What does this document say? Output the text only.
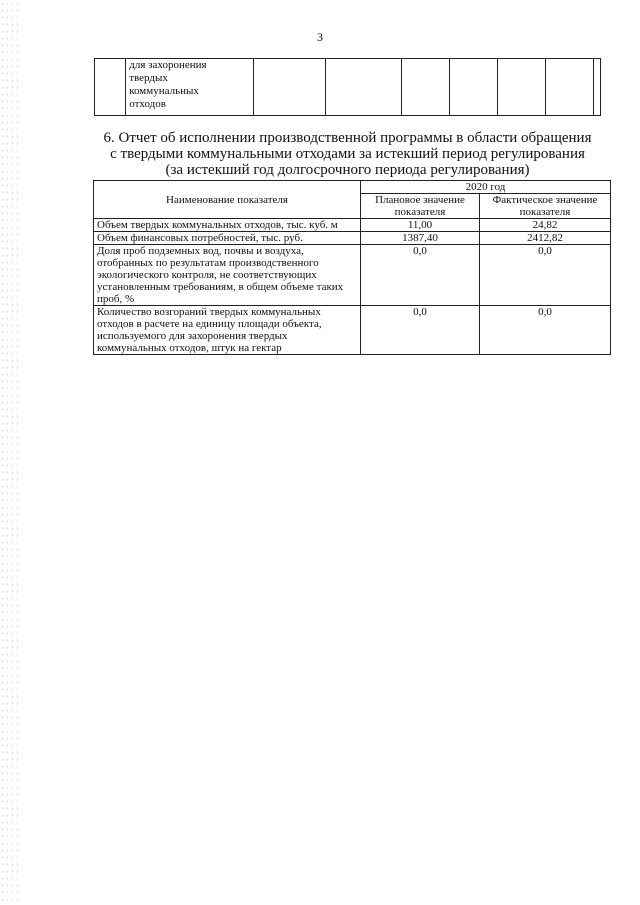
3

для захоронения
твердых
коммунальных
отходов

6. Отчет об исполнении производственной программы в области обращения
с твердыми коммунальными отходами за истекший период регулирования
(за истекший год долгосрочного периода регулирования)
Наименование показателя	2020 год	
	Плановое значение показателя	Фактическое значение показателя
Объем твердых коммунальных отходов, тыс. куб. м	11,00	24,82
Объем финансовых потребностей, тыс. руб.	1387,40	2412,82
Доля проб подземных вод, почвы и воздуха, отобранных по результатам производственного экологического контроля, не соответствующих установленным требованиям, в общем объеме таких проб, %	0,0	0,0
Количество возгораний твердых коммунальных отходов в расчете на единицу площади объекта, используемого для захоронения твердых коммунальных отходов, штук на гектар	0,0	0,0
